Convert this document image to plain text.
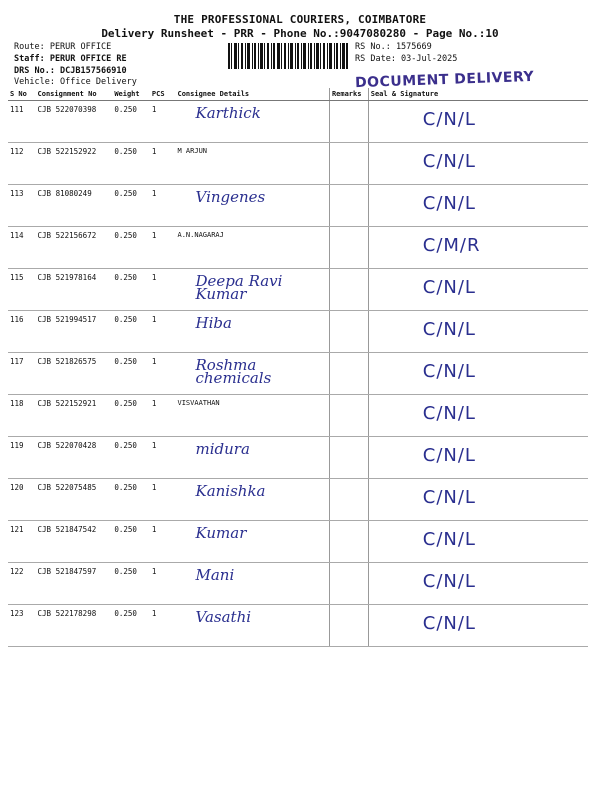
THE PROFESSIONAL COURIERS, COIMBATORE
Delivery Runsheet - PRR - Phone No.:9047080280 - Page No.:10
Route: PERUR OFFICE
Staff: PERUR OFFICE RE
DRS No.: DCJB157566910
Vehicle: Office Delivery
RS No.: 1575669
RS Date: 03-Jul-2025
DOCUMENT DELIVERY
S No	Consignment No	Weight	PCS	Consignee Details	Remarks	Seal & Signature
111	CJB 522070398	0.250	1	Karthick		C/N/L

112	CJB 522152922	0.250	1	M ARJUN		C/N/L

113	CJB 81080249	0.250	1	Vingenes		C/N/L

114	CJB 522156672	0.250	1	A.N.NAGARAJ		C/M/R

115	CJB 521978164	0.250	1	Deepa Ravi Kumar		C/N/L

116	CJB 521994517	0.250	1	Hiba		C/N/L

117	CJB 521826575	0.250	1	Roshma chemicals		C/N/L

118	CJB 522152921	0.250	1	VISVAATHAN		C/N/L

119	CJB 522070428	0.250	1	midura		C/N/L

120	CJB 522075485	0.250	1	Kanishka		C/N/L

121	CJB 521847542	0.250	1	Kumar		C/N/L

122	CJB 521847597	0.250	1	Mani		C/N/L

123	CJB 522178298	0.250	1	Vasathi		C/N/L
